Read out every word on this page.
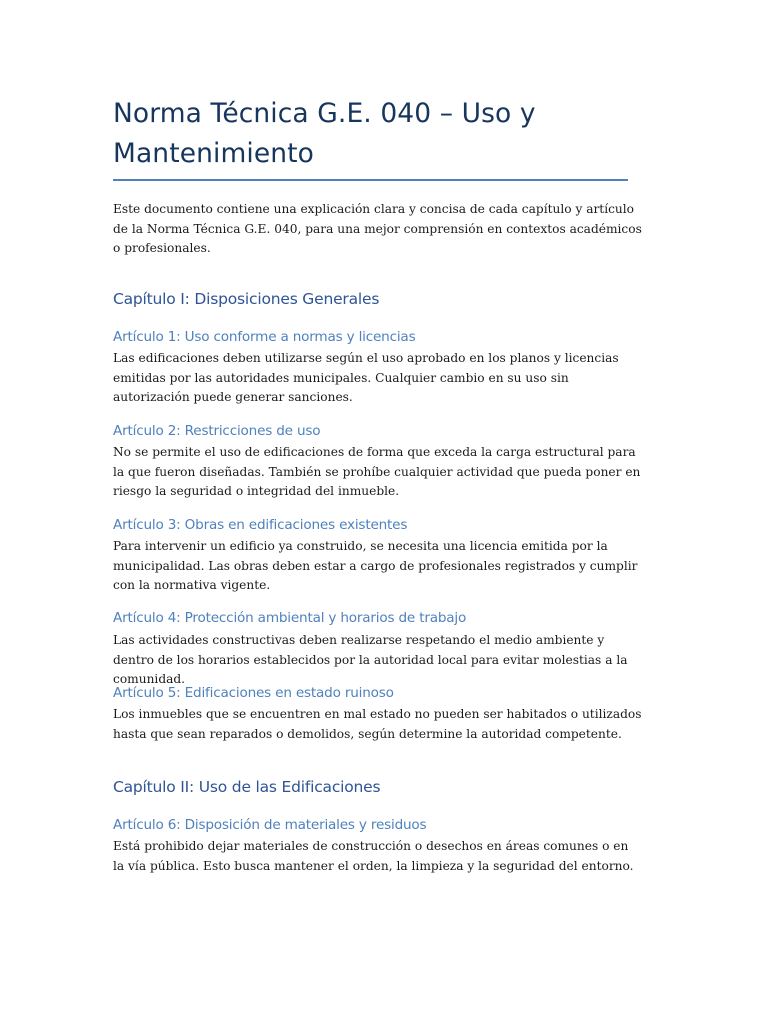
Norma Técnica G.E. 040 – Uso y Mantenimiento

Este documento contiene una explicación clara y concisa de cada capítulo y artículo de la Norma Técnica G.E. 040, para una mejor comprensión en contextos académicos o profesionales.

Capítulo I: Disposiciones Generales
Artículo 1: Uso conforme a normas y licencias

Las edificaciones deben utilizarse según el uso aprobado en los planos y licencias emitidas por las autoridades municipales. Cualquier cambio en su uso sin autorización puede generar sanciones.

Artículo 2: Restricciones de uso

No se permite el uso de edificaciones de forma que exceda la carga estructural para la que fueron diseñadas. También se prohíbe cualquier actividad que pueda poner en riesgo la seguridad o integridad del inmueble.

Artículo 3: Obras en edificaciones existentes

Para intervenir un edificio ya construido, se necesita una licencia emitida por la municipalidad. Las obras deben estar a cargo de profesionales registrados y cumplir con la normativa vigente.

Artículo 4: Protección ambiental y horarios de trabajo

Las actividades constructivas deben realizarse respetando el medio ambiente y dentro de los horarios establecidos por la autoridad local para evitar molestias a la comunidad.

Artículo 5: Edificaciones en estado ruinoso

Los inmuebles que se encuentren en mal estado no pueden ser habitados o utilizados hasta que sean reparados o demolidos, según determine la autoridad competente.

Capítulo II: Uso de las Edificaciones
Artículo 6: Disposición de materiales y residuos

Está prohibido dejar materiales de construcción o desechos en áreas comunes o en la vía pública. Esto busca mantener el orden, la limpieza y la seguridad del entorno.
